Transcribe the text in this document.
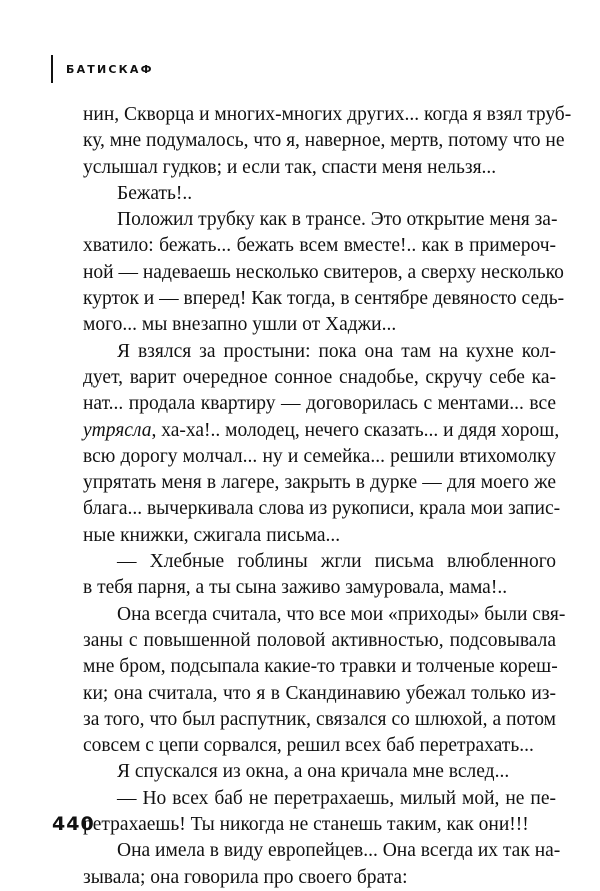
БАТИСКАФ
нин, Скворца и многих-многих других... когда я взял труб-
ку, мне подумалось, что я, наверное, мертв, потому что не
услышал гудков; и если так, спасти меня нельзя...
Бежать!..
Положил трубку как в трансе. Это открытие меня за-
хватило: бежать... бежать всем вместе!.. как в примероч-
ной — надеваешь несколько свитеров, а сверху несколько
курток и — вперед! Как тогда, в сентябре девяносто седь-
мого... мы внезапно ушли от Хаджи...
Я взялся за простыни: пока она там на кухне кол-
дует, варит очередное сонное снадобье, скручу себе ка-
нат... продала квартиру — договорилась с ментами... все
утрясла, ха-ха!.. молодец, нечего сказать... и дядя хорош,
всю дорогу молчал... ну и семейка... решили втихомолку
упрятать меня в лагере, закрыть в дурке — для моего же
блага... вычеркивала слова из рукописи, крала мои запис-
ные книжки, сжигала письма...
— Хлебные гоблины жгли письма влюбленного
в тебя парня, а ты сына заживо замуровала, мама!..
Она всегда считала, что все мои «приходы» были свя-
заны с повышенной половой активностью, подсовывала
мне бром, подсыпала какие-то травки и толченые кореш-
ки; она считала, что я в Скандинавию убежал только из-
за того, что был распутник, связался со шлюхой, а потом
совсем с цепи сорвался, решил всех баб перетрахать...
Я спускался из окна, а она кричала мне вслед...
— Но всех баб не перетрахаешь, милый мой, не пе-
ретрахаешь! Ты никогда не станешь таким, как они!!!
Она имела в виду европейцев... Она всегда их так на-
зывала; она говорила про своего брата:
440
